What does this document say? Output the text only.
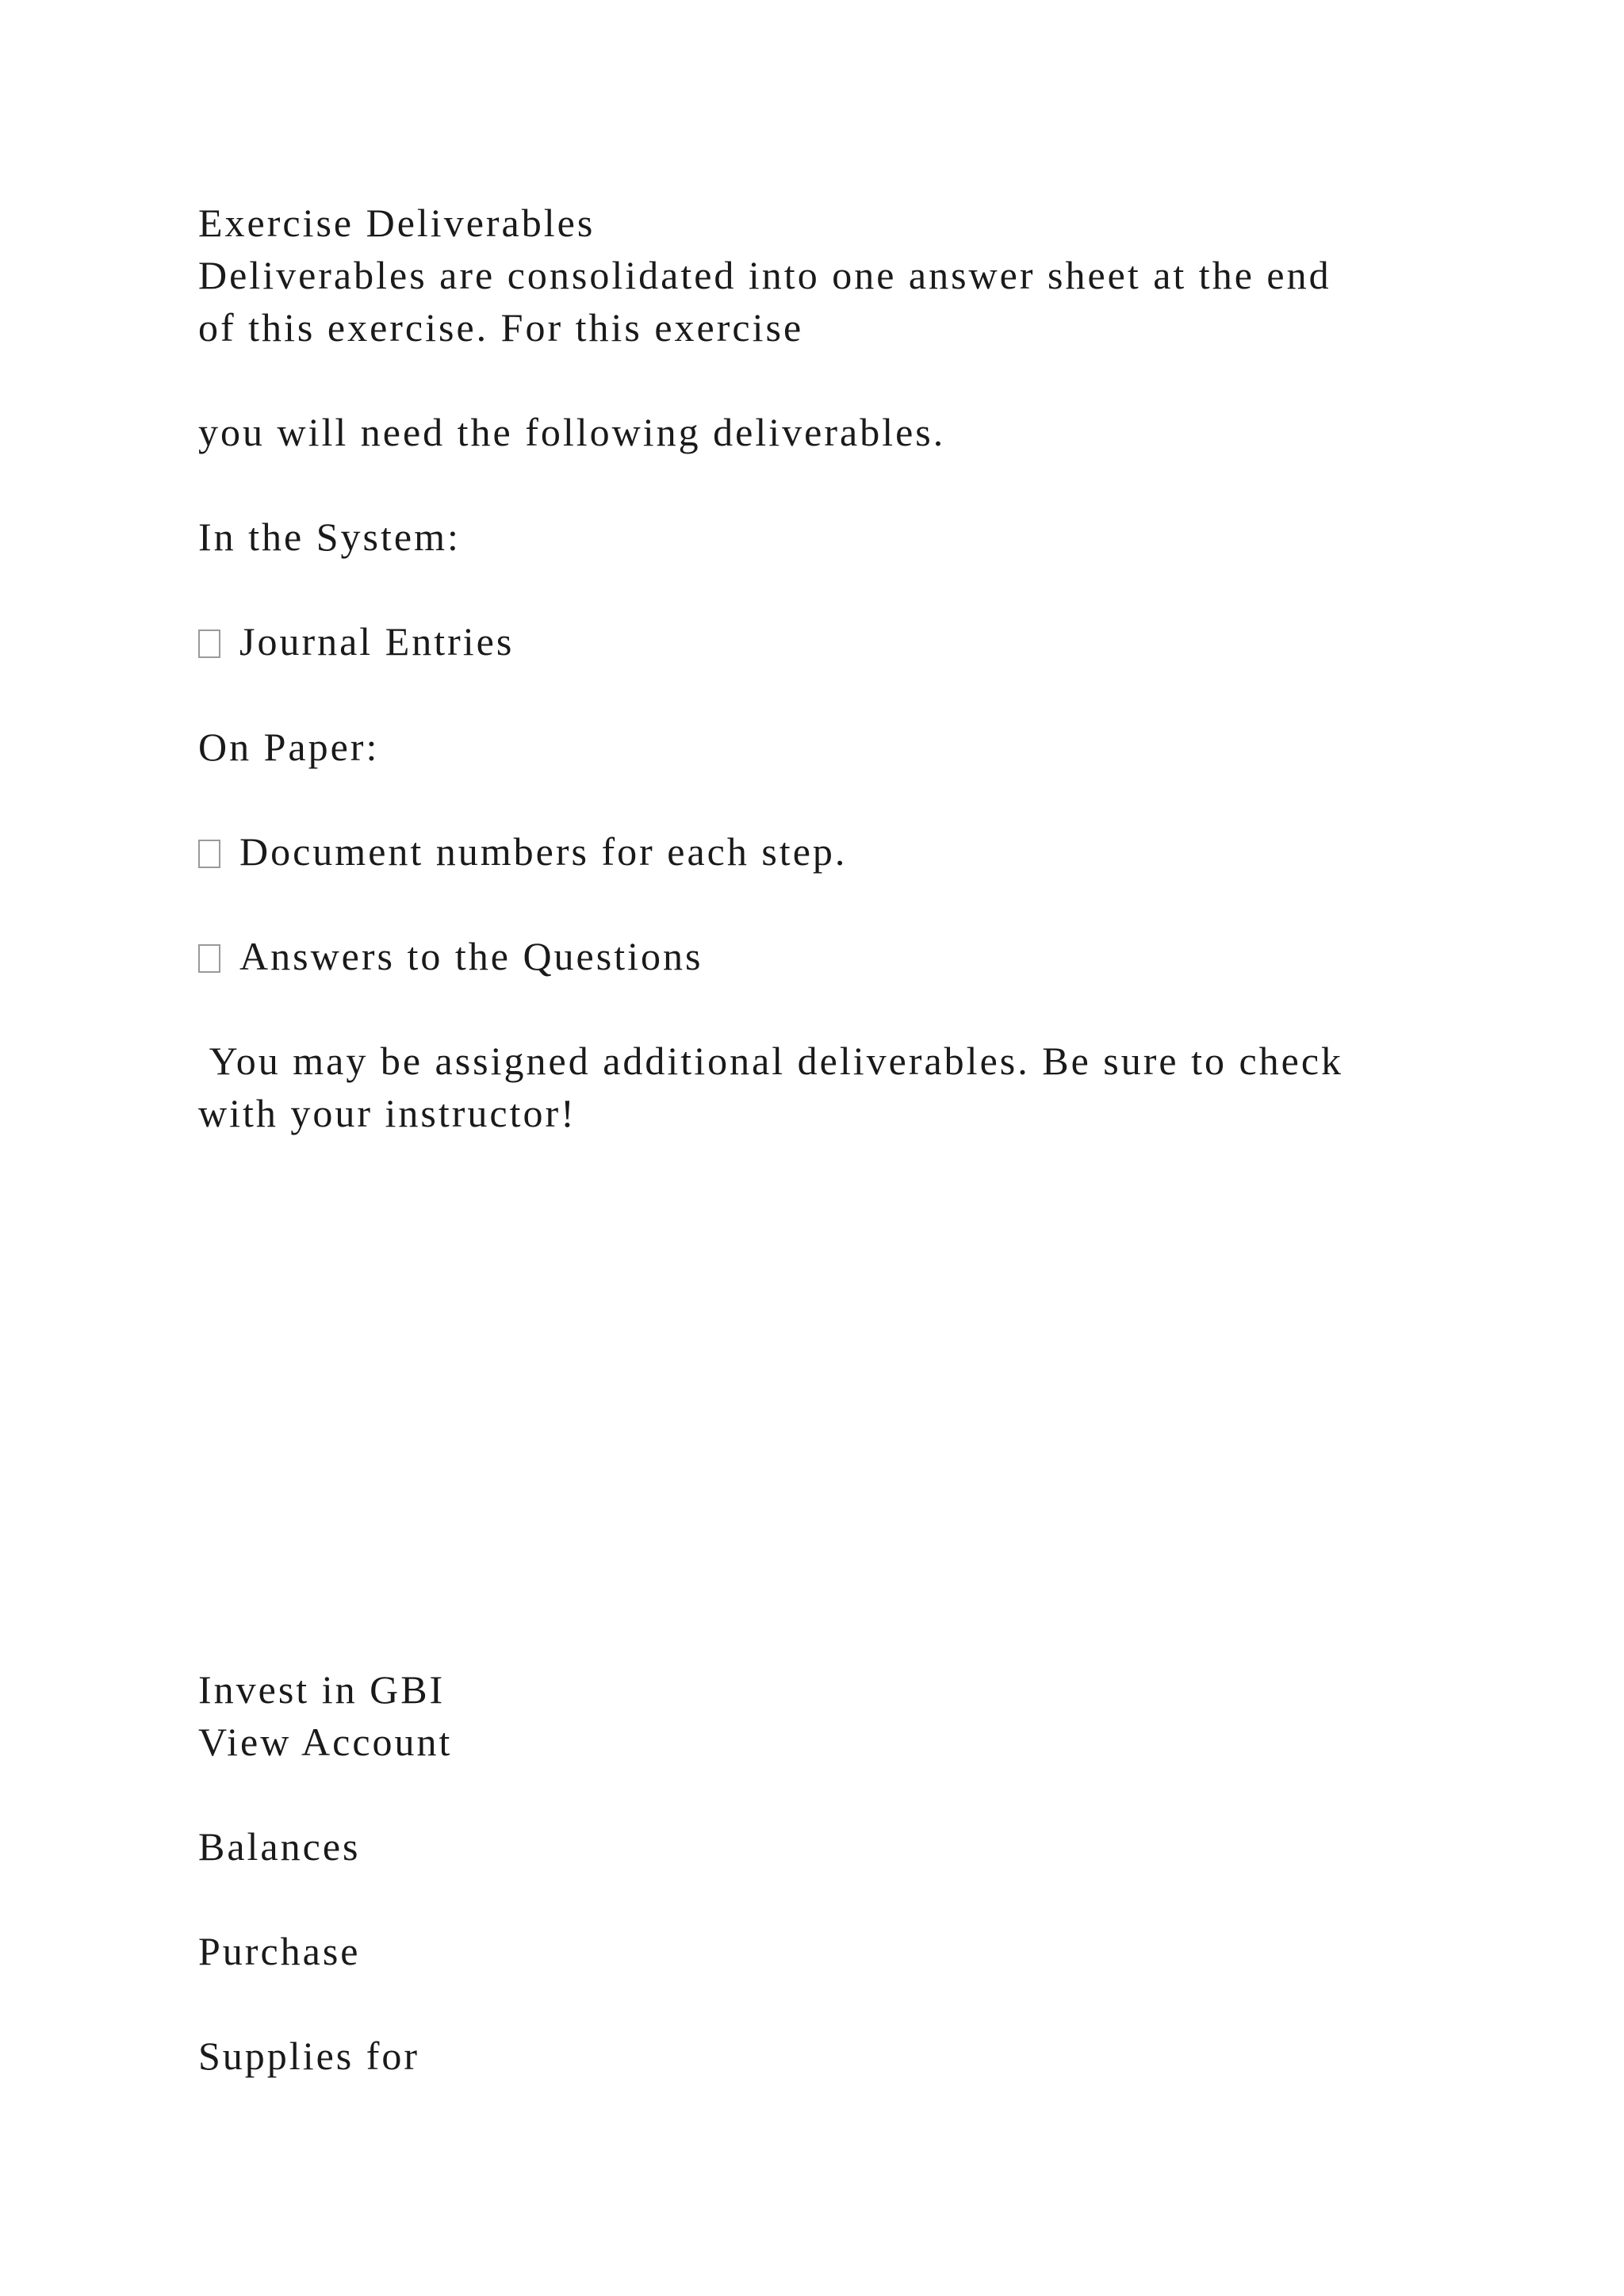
Exercise Deliverables
Deliverables are consolidated into one answer sheet at the end
of this exercise. For this exercise
you will need the following deliverables.
In the System:
Journal Entries
On Paper:
Document numbers for each step.
Answers to the Questions
You may be assigned additional deliverables. Be sure to check
with your instructor!
Invest in GBI
View Account
Balances
Purchase
Supplies for
